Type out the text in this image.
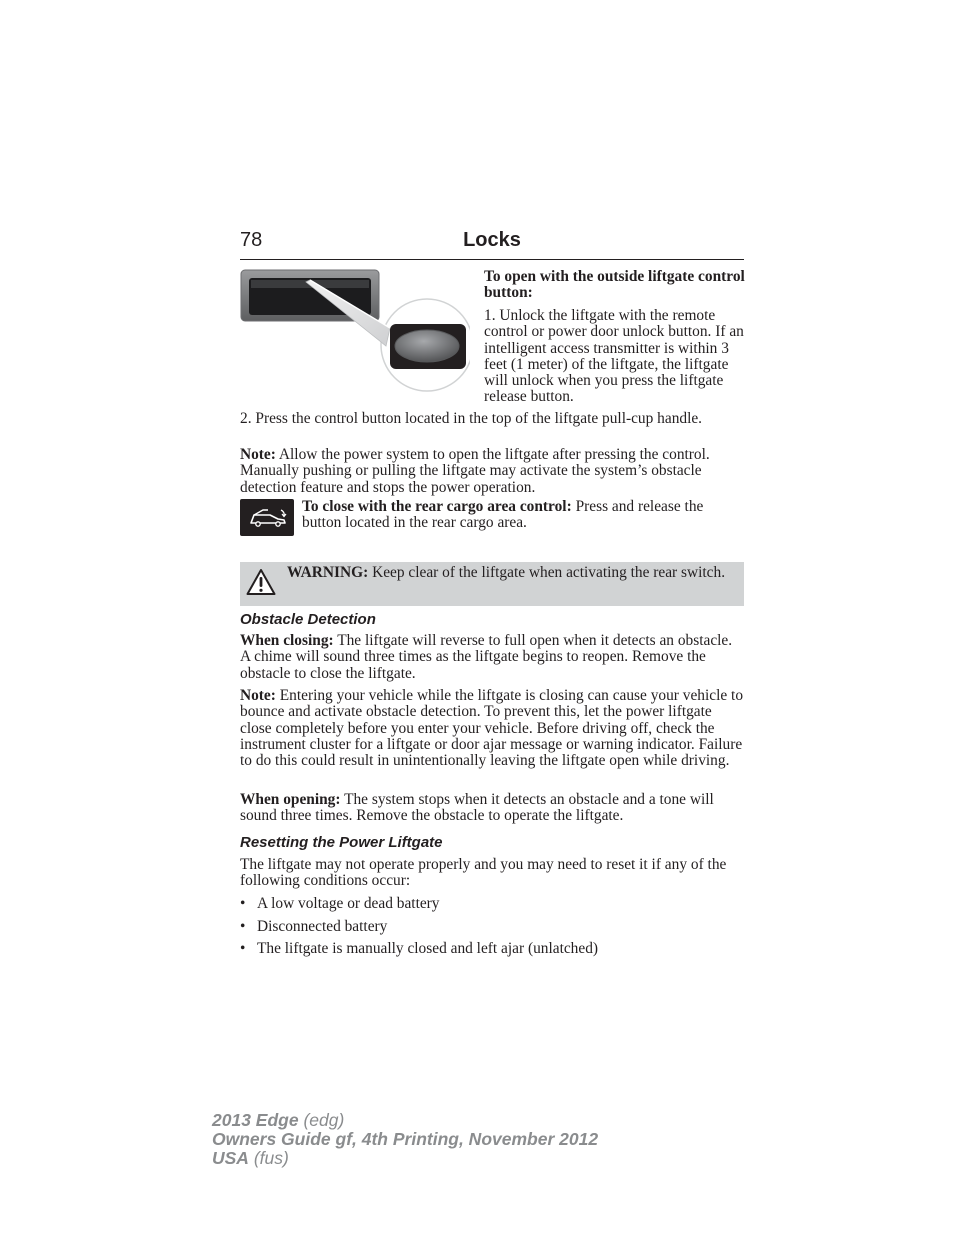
78	Locks
To open with the outside liftgate control button:
1. Unlock the liftgate with the remote control or power door unlock button. If an intelligent access transmitter is within 3 feet (1 meter) of the liftgate, the liftgate will unlock when you press the liftgate release button.

2. Press the control button located in the top of the liftgate pull-cup handle.

Note: Allow the power system to open the liftgate after pressing the control. Manually pushing or pulling the liftgate may activate the system’s obstacle detection feature and stops the power operation.

To close with the rear cargo area control: Press and release the button located in the rear cargo area.
WARNING: Keep clear of the liftgate when activating the rear switch.
Obstacle Detection

When closing: The liftgate will reverse to full open when it detects an obstacle. A chime will sound three times as the liftgate begins to reopen. Remove the obstacle to close the liftgate.

Note: Entering your vehicle while the liftgate is closing can cause your vehicle to bounce and activate obstacle detection. To prevent this, let the power liftgate close completely before you enter your vehicle. Before driving off, check the instrument cluster for a liftgate or door ajar message or warning indicator. Failure to do this could result in unintentionally leaving the liftgate open while driving.

When opening: The system stops when it detects an obstacle and a tone will sound three times. Remove the obstacle to operate the liftgate.

Resetting the Power Liftgate

The liftgate may not operate properly and you may need to reset it if any of the following conditions occur:

• A low voltage or dead battery
• Disconnected battery
• The liftgate is manually closed and left ajar (unlatched)
2013 Edge (edg)
Owners Guide gf, 4th Printing, November 2012
USA (fus)
